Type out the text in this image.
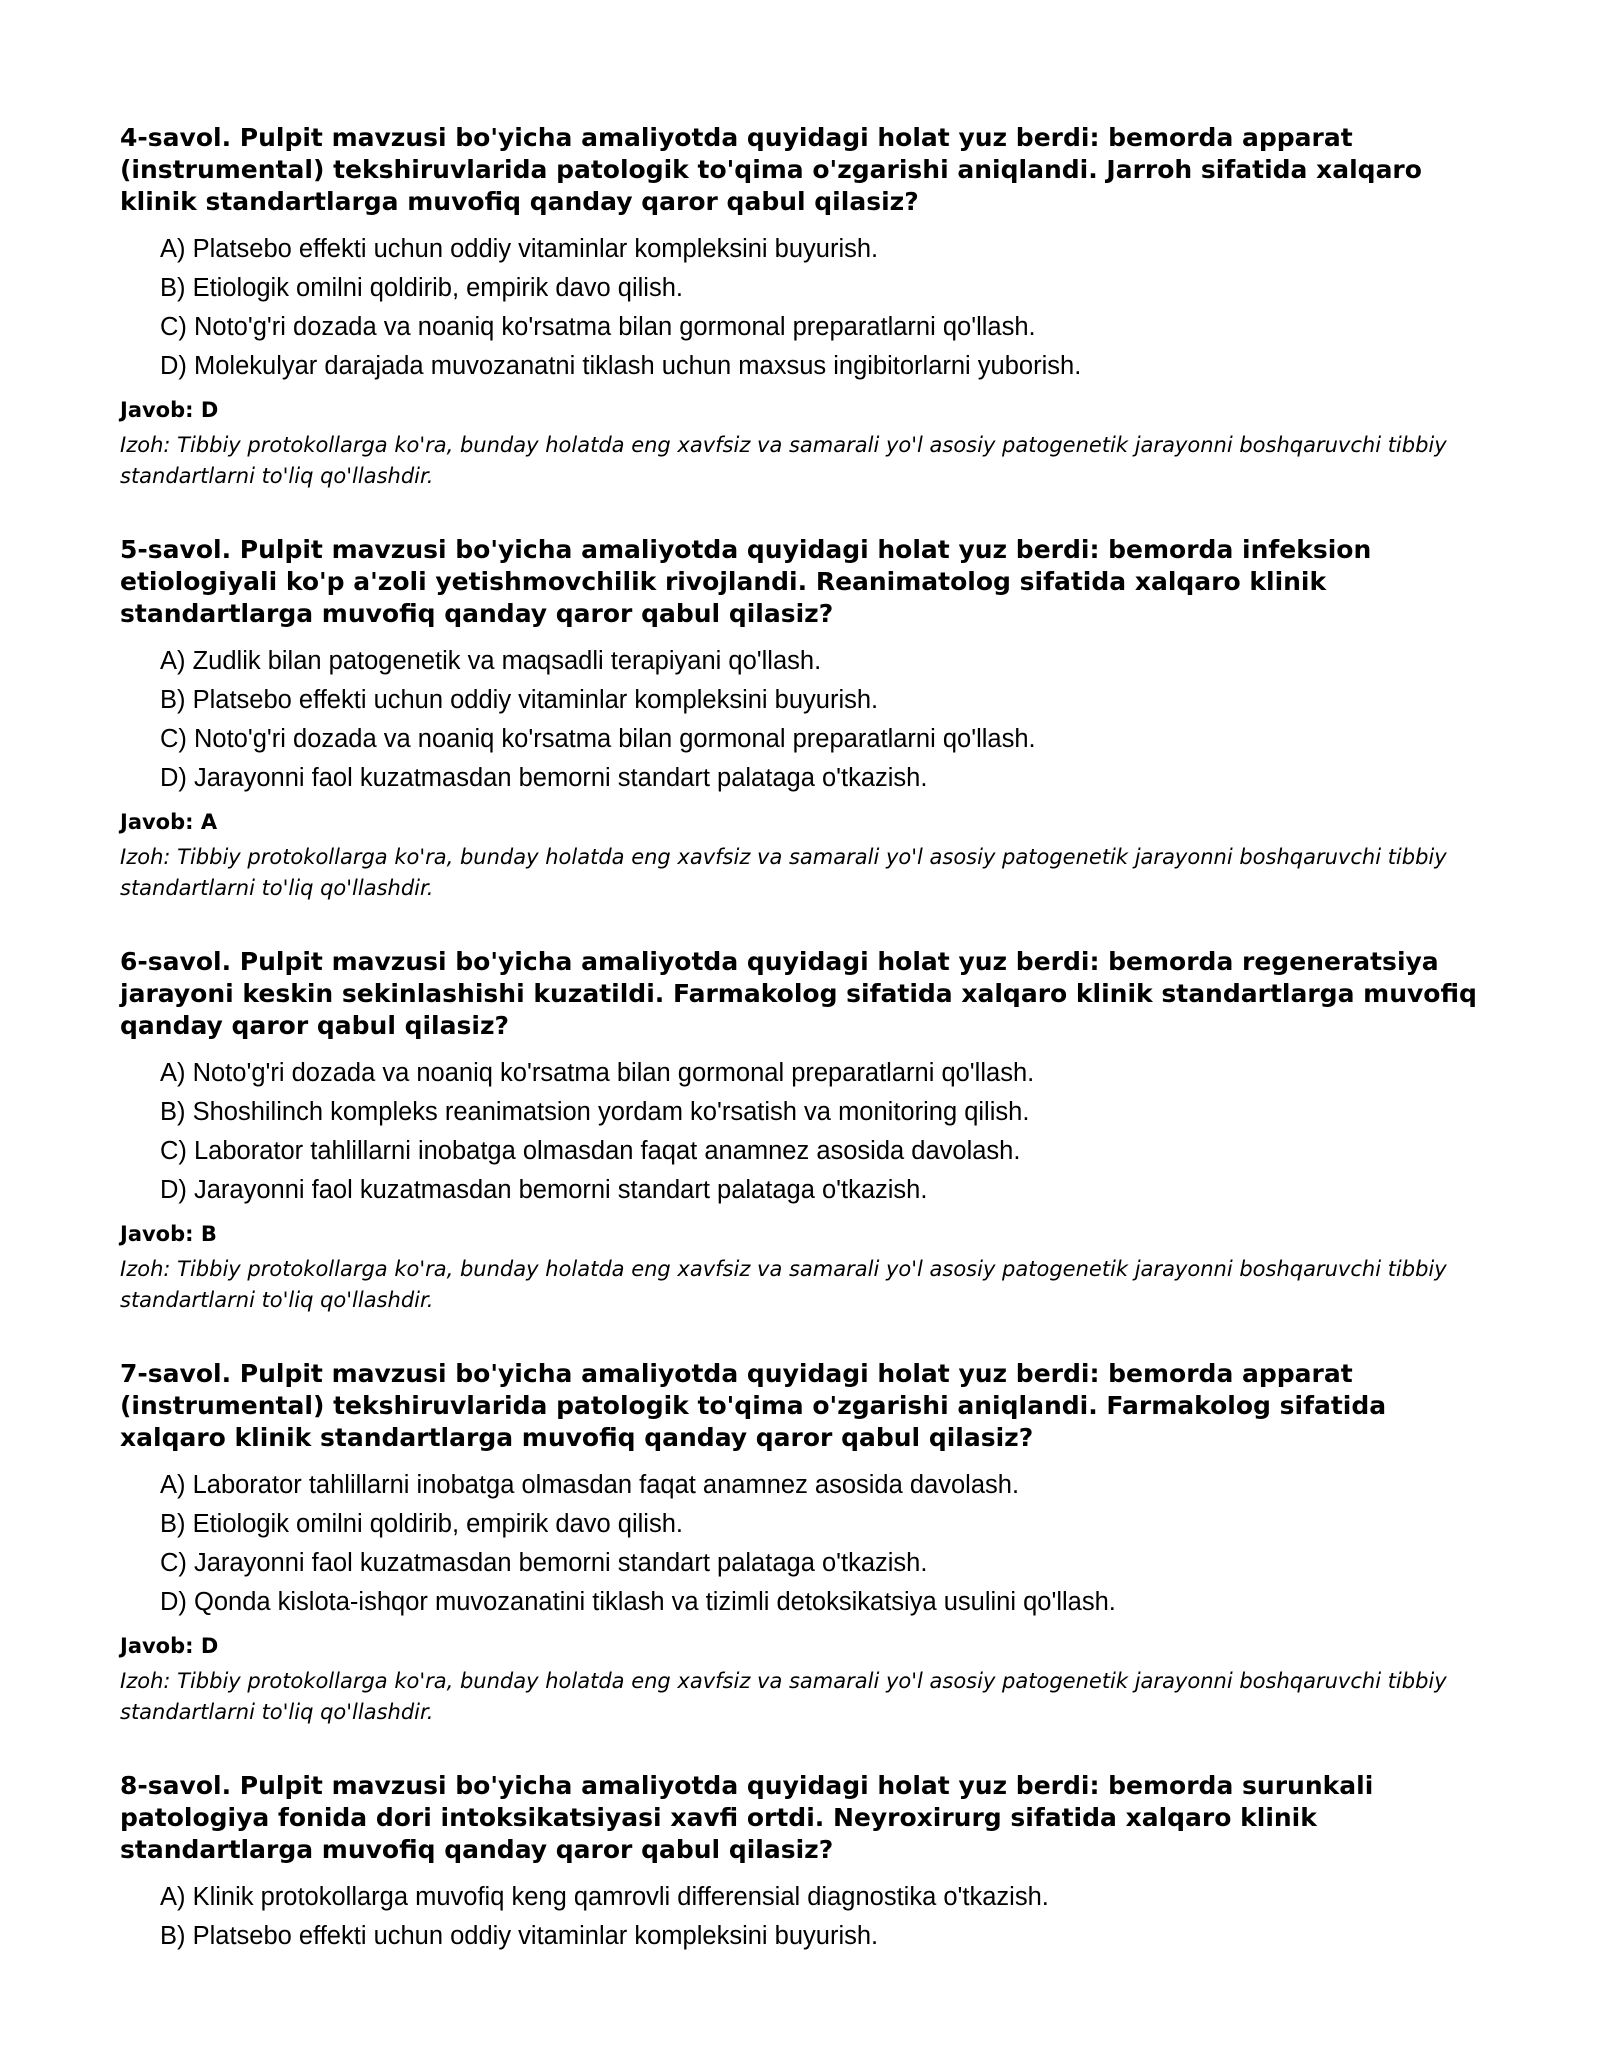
4-savol. Pulpit mavzusi bo'yicha amaliyotda quyidagi holat yuz berdi: bemorda apparat (instrumental) tekshiruvlarida patologik to'qima o'zgarishi aniqlandi. Jarroh sifatida xalqaro klinik standartlarga muvofiq qanday qaror qabul qilasiz?

A) Platsebo effekti uchun oddiy vitaminlar kompleksini buyurish.
B) Etiologik omilni qoldirib, empirik davo qilish.
C) Noto'g'ri dozada va noaniq ko'rsatma bilan gormonal preparatlarni qo'llash.
D) Molekulyar darajada muvozanatni tiklash uchun maxsus ingibitorlarni yuborish.

Javob: D

Izoh: Tibbiy protokollarga ko'ra, bunday holatda eng xavfsiz va samarali yo'l asosiy patogenetik jarayonni boshqaruvchi tibbiy standartlarni to'liq qo'llashdir.

5-savol. Pulpit mavzusi bo'yicha amaliyotda quyidagi holat yuz berdi: bemorda infeksion etiologiyali ko'p a'zoli yetishmovchilik rivojlandi. Reanimatolog sifatida xalqaro klinik standartlarga muvofiq qanday qaror qabul qilasiz?

A) Zudlik bilan patogenetik va maqsadli terapiyani qo'llash.
B) Platsebo effekti uchun oddiy vitaminlar kompleksini buyurish.
C) Noto'g'ri dozada va noaniq ko'rsatma bilan gormonal preparatlarni qo'llash.
D) Jarayonni faol kuzatmasdan bemorni standart palataga o'tkazish.

Javob: A

Izoh: Tibbiy protokollarga ko'ra, bunday holatda eng xavfsiz va samarali yo'l asosiy patogenetik jarayonni boshqaruvchi tibbiy standartlarni to'liq qo'llashdir.

6-savol. Pulpit mavzusi bo'yicha amaliyotda quyidagi holat yuz berdi: bemorda regeneratsiya jarayoni keskin sekinlashishi kuzatildi. Farmakolog sifatida xalqaro klinik standartlarga muvofiq qanday qaror qabul qilasiz?

A) Noto'g'ri dozada va noaniq ko'rsatma bilan gormonal preparatlarni qo'llash.
B) Shoshilinch kompleks reanimatsion yordam ko'rsatish va monitoring qilish.
C) Laborator tahlillarni inobatga olmasdan faqat anamnez asosida davolash.
D) Jarayonni faol kuzatmasdan bemorni standart palataga o'tkazish.

Javob: B

Izoh: Tibbiy protokollarga ko'ra, bunday holatda eng xavfsiz va samarali yo'l asosiy patogenetik jarayonni boshqaruvchi tibbiy standartlarni to'liq qo'llashdir.

7-savol. Pulpit mavzusi bo'yicha amaliyotda quyidagi holat yuz berdi: bemorda apparat (instrumental) tekshiruvlarida patologik to'qima o'zgarishi aniqlandi. Farmakolog sifatida xalqaro klinik standartlarga muvofiq qanday qaror qabul qilasiz?

A) Laborator tahlillarni inobatga olmasdan faqat anamnez asosida davolash.
B) Etiologik omilni qoldirib, empirik davo qilish.
C) Jarayonni faol kuzatmasdan bemorni standart palataga o'tkazish.
D) Qonda kislota-ishqor muvozanatini tiklash va tizimli detoksikatsiya usulini qo'llash.

Javob: D

Izoh: Tibbiy protokollarga ko'ra, bunday holatda eng xavfsiz va samarali yo'l asosiy patogenetik jarayonni boshqaruvchi tibbiy standartlarni to'liq qo'llashdir.

8-savol. Pulpit mavzusi bo'yicha amaliyotda quyidagi holat yuz berdi: bemorda surunkali patologiya fonida dori intoksikatsiyasi xavfi ortdi. Neyroxirurg sifatida xalqaro klinik standartlarga muvofiq qanday qaror qabul qilasiz?

A) Klinik protokollarga muvofiq keng qamrovli differensial diagnostika o'tkazish.
B) Platsebo effekti uchun oddiy vitaminlar kompleksini buyurish.
